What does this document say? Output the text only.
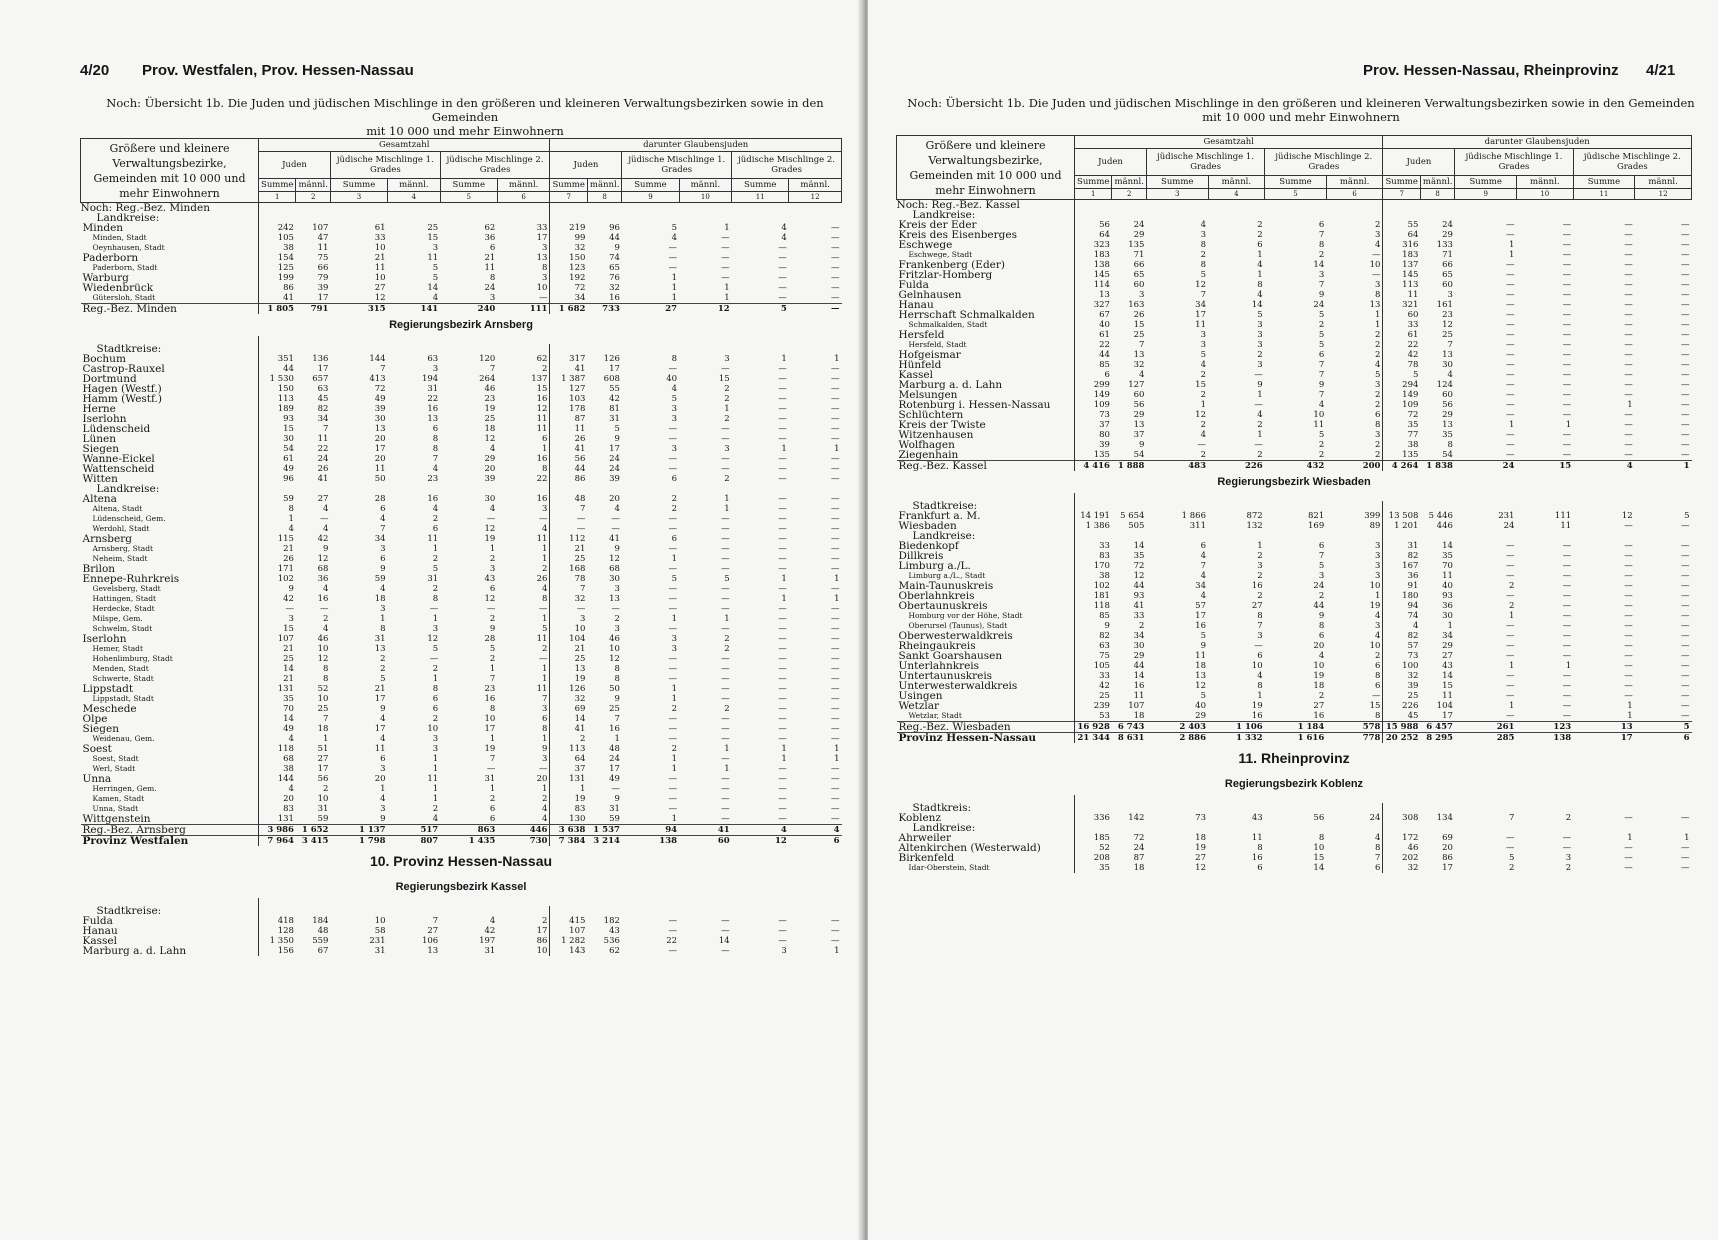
4/20 Prov. Westfalen, Prov. Hessen-Nassau
Noch: Übersicht 1b. Die Juden und jüdischen Mischlinge in den größeren und kleineren Verwaltungsbezirken sowie in den Gemeinden
mit 10 000 und mehr Einwohnern
Größere und kleinere Verwaltungsbezirke, Gemeinden mit 10 000 und mehr Einwohnern	Gesamtzahl						darunter Glaubensjuden					
	Juden		jüdische Mischlinge 1. Grades		jüdische Mischlinge 2. Grades		Juden		jüdische Mischlinge 1. Grades		jüdische Mischlinge 2. Grades	
	Summe	männl.	Summe	männl.	Summe	männl.	Summe	männl.	Summe	männl.	Summe	männl.
	1	2	3	4	5	6	7	8	9	10	11	12
Noch: Reg.-Bez. Minden												
Landkreise:												
Minden	242	107	61	25	62	33	219	96	5	1	4	—
Minden, Stadt	105	47	33	15	36	17	99	44	4	—	4	—
Oeynhausen, Stadt	38	11	10	3	6	3	32	9	—	—	—	—
Paderborn	154	75	21	11	21	13	150	74	—	—	—	—
Paderborn, Stadt	125	66	11	5	11	8	123	65	—	—	—	—
Warburg	199	79	10	5	8	3	192	76	1	—	—	—
Wiedenbrück	86	39	27	14	24	10	72	32	1	1	—	—
Gütersloh, Stadt	41	17	12	4	3	—	34	16	1	1	—	—
Reg.-Bez. Minden	1 805	791	315	141	240	111	1 682	733	27	12	5	—
Regierungsbezirk Arnsberg												

Stadtkreise:												
Bochum	351	136	144	63	120	62	317	126	8	3	1	1
Castrop-Rauxel	44	17	7	3	7	2	41	17	—	—	—	—
Dortmund	1 530	657	413	194	264	137	1 387	608	40	15	—	—
Hagen (Westf.)	150	63	72	31	46	15	127	55	4	2	—	—
Hamm (Westf.)	113	45	49	22	23	16	103	42	5	2	—	—
Herne	189	82	39	16	19	12	178	81	3	1	—	—
Iserlohn	93	34	30	13	25	11	87	31	3	2	—	—
Lüdenscheid	15	7	13	6	18	11	11	5	—	—	—	—
Lünen	30	11	20	8	12	6	26	9	—	—	—	—
Siegen	54	22	17	8	4	1	41	17	3	3	1	1
Wanne-Eickel	61	24	20	7	29	16	56	24	—	—	—	—
Wattenscheid	49	26	11	4	20	8	44	24	—	—	—	—
Witten	96	41	50	23	39	22	86	39	6	2	—	—
Landkreise:												
Altena	59	27	28	16	30	16	48	20	2	1	—	—
Altena, Stadt	8	4	6	4	4	3	7	4	2	1	—	—
Lüdenscheid, Gem.	1	—	4	2	—	—	—	—	—	—	—	—
Werdohl, Stadt	4	4	7	6	12	4	—	—	—	—	—	—
Arnsberg	115	42	34	11	19	11	112	41	6	—	—	—
Arnsberg, Stadt	21	9	3	1	1	1	21	9	—	—	—	—
Neheim, Stadt	26	12	6	2	2	1	25	12	1	—	—	—
Brilon	171	68	9	5	3	2	168	68	—	—	—	—
Ennepe-Ruhrkreis	102	36	59	31	43	26	78	30	5	5	1	1
Gevelsberg, Stadt	9	4	4	2	6	4	7	3	—	—	—	—
Hattingen, Stadt	42	16	18	8	12	8	32	13	—	—	1	1
Herdecke, Stadt	—	—	3	—	—	—	—	—	—	—	—	—
Milspe, Gem.	3	2	1	1	2	1	3	2	1	1	—	—
Schwelm, Stadt	15	4	8	3	9	5	10	3	—	—	—	—
Iserlohn	107	46	31	12	28	11	104	46	3	2	—	—
Hemer, Stadt	21	10	13	5	5	2	21	10	3	2	—	—
Hohenlimburg, Stadt	25	12	2	—	2	—	25	12	—	—	—	—
Menden, Stadt	14	8	2	2	1	1	13	8	—	—	—	—
Schwerte, Stadt	21	8	5	1	7	1	19	8	—	—	—	—
Lippstadt	131	52	21	8	23	11	126	50	1	—	—	—
Lippstadt, Stadt	35	10	17	6	16	7	32	9	1	—	—	—
Meschede	70	25	9	6	8	3	69	25	2	2	—	—
Olpe	14	7	4	2	10	6	14	7	—	—	—	—
Siegen	49	18	17	10	17	8	41	16	—	—	—	—
Weidenau, Gem.	4	1	4	3	1	1	2	1	—	—	—	—
Soest	118	51	11	3	19	9	113	48	2	1	1	1
Soest, Stadt	68	27	6	1	7	3	64	24	1	—	1	1
Werl, Stadt	38	17	3	1	—	—	37	17	1	1	—	—
Unna	144	56	20	11	31	20	131	49	—	—	—	—
Herringen, Gem.	4	2	1	1	1	1	1	—	—	—	—	—
Kamen, Stadt	20	10	4	1	2	2	19	9	—	—	—	—
Unna, Stadt	83	31	3	2	6	4	83	31	—	—	—	—
Wittgenstein	131	59	9	4	6	4	130	59	1	—	—	—
Reg.-Bez. Arnsberg	3 986	1 652	1 137	517	863	446	3 638	1 537	94	41	4	4
Provinz Westfalen	7 964	3 415	1 798	807	1 435	730	7 384	3 214	138	60	12	6
10. Provinz Hessen-Nassau												
Regierungsbezirk Kassel												

Stadtkreise:												
Fulda	418	184	10	7	4	2	415	182	—	—	—	—
Hanau	128	48	58	27	42	17	107	43	—	—	—	—
Kassel	1 350	559	231	106	197	86	1 282	536	22	14	—	—
Marburg a. d. Lahn	156	67	31	13	31	10	143	62	—	—	3	1
Prov. Hessen-Nassau, Rheinprovinz 4/21
Noch: Übersicht 1b. Die Juden und jüdischen Mischlinge in den größeren und kleineren Verwaltungsbezirken sowie in den Gemeinden
mit 10 000 und mehr Einwohnern
Größere und kleinere Verwaltungsbezirke, Gemeinden mit 10 000 und mehr Einwohnern	Gesamtzahl						darunter Glaubensjuden					
	Juden		jüdische Mischlinge 1. Grades		jüdische Mischlinge 2. Grades		Juden		jüdische Mischlinge 1. Grades		jüdische Mischlinge 2. Grades	
	Summe	männl.	Summe	männl.	Summe	männl.	Summe	männl.	Summe	männl.	Summe	männl.
	1	2	3	4	5	6	7	8	9	10	11	12
Noch: Reg.-Bez. Kassel												
Landkreise:												
Kreis der Eder	56	24	4	2	6	2	55	24	—	—	—	—
Kreis des Eisenberges	64	29	3	2	7	3	64	29	—	—	—	—
Eschwege	323	135	8	6	8	4	316	133	1	—	—	—
Eschwege, Stadt	183	71	2	1	2	—	183	71	1	—	—	—
Frankenberg (Eder)	138	66	8	4	14	10	137	66	—	—	—	—
Fritzlar-Homberg	145	65	5	1	3	—	145	65	—	—	—	—
Fulda	114	60	12	8	7	3	113	60	—	—	—	—
Gelnhausen	13	3	7	4	9	8	11	3	—	—	—	—
Hanau	327	163	34	14	24	13	321	161	—	—	—	—
Herrschaft Schmalkalden	67	26	17	5	5	1	60	23	—	—	—	—
Schmalkalden, Stadt	40	15	11	3	2	1	33	12	—	—	—	—
Hersfeld	61	25	3	3	5	2	61	25	—	—	—	—
Hersfeld, Stadt	22	7	3	3	5	2	22	7	—	—	—	—
Hofgeismar	44	13	5	2	6	2	42	13	—	—	—	—
Hünfeld	85	32	4	3	7	4	78	30	—	—	—	—
Kassel	6	4	2	—	7	5	5	4	—	—	—	—
Marburg a. d. Lahn	299	127	15	9	9	3	294	124	—	—	—	—
Melsungen	149	60	2	1	7	2	149	60	—	—	—	—
Rotenburg i. Hessen-Nassau	109	56	1	—	4	2	109	56	—	—	1	—
Schlüchtern	73	29	12	4	10	6	72	29	—	—	—	—
Kreis der Twiste	37	13	2	2	11	8	35	13	1	1	—	—
Witzenhausen	80	37	4	1	5	3	77	35	—	—	—	—
Wolfhagen	39	9	—	—	2	2	38	8	—	—	—	—
Ziegenhain	135	54	2	2	2	2	135	54	—	—	—	—
Reg.-Bez. Kassel	4 416	1 888	483	226	432	200	4 264	1 838	24	15	4	1
Regierungsbezirk Wiesbaden												

Stadtkreise:												
Frankfurt a. M.	14 191	5 654	1 866	872	821	399	13 508	5 446	231	111	12	5
Wiesbaden	1 386	505	311	132	169	89	1 201	446	24	11	—	—
Landkreise:												
Biedenkopf	33	14	6	1	6	3	31	14	—	—	—	—
Dillkreis	83	35	4	2	7	3	82	35	—	—	—	—
Limburg a./L.	170	72	7	3	5	3	167	70	—	—	—	—
Limburg a./L., Stadt	38	12	4	2	3	3	36	11	—	—	—	—
Main-Taunuskreis	102	44	34	16	24	10	91	40	2	—	—	—
Oberlahnkreis	181	93	4	2	2	1	180	93	—	—	—	—
Obertaunuskreis	118	41	57	27	44	19	94	36	2	—	—	—
Homburg vor der Höhe, Stadt	85	33	17	8	9	4	74	30	1	—	—	—
Oberursel (Taunus), Stadt	9	2	16	7	8	3	4	1	—	—	—	—
Oberwesterwaldkreis	82	34	5	3	6	4	82	34	—	—	—	—
Rheingaukreis	63	30	9	—	20	10	57	29	—	—	—	—
Sankt Goarshausen	75	29	11	6	4	2	73	27	—	—	—	—
Unterlahnkreis	105	44	18	10	10	6	100	43	1	1	—	—
Untertaunuskreis	33	14	13	4	19	8	32	14	—	—	—	—
Unterwesterwaldkreis	42	16	12	8	18	6	39	15	—	—	—	—
Usingen	25	11	5	1	2	—	25	11	—	—	—	—
Wetzlar	239	107	40	19	27	15	226	104	1	—	1	—
Wetzlar, Stadt	53	18	29	16	16	8	45	17	—	—	1	—
Reg.-Bez. Wiesbaden	16 928	6 743	2 403	1 106	1 184	578	15 988	6 457	261	123	13	5
Provinz Hessen-Nassau	21 344	8 631	2 886	1 332	1 616	778	20 252	8 295	285	138	17	6
11. Rheinprovinz												
Regierungsbezirk Koblenz												

Stadtkreis:												
Koblenz	336	142	73	43	56	24	308	134	7	2	—	—
Landkreise:												
Ahrweiler	185	72	18	11	8	4	172	69	—	—	1	1
Altenkirchen (Westerwald)	52	24	19	8	10	8	46	20	—	—	—	—
Birkenfeld	208	87	27	16	15	7	202	86	5	3	—	—
Idar-Oberstein, Stadt	35	18	12	6	14	6	32	17	2	2	—	—
